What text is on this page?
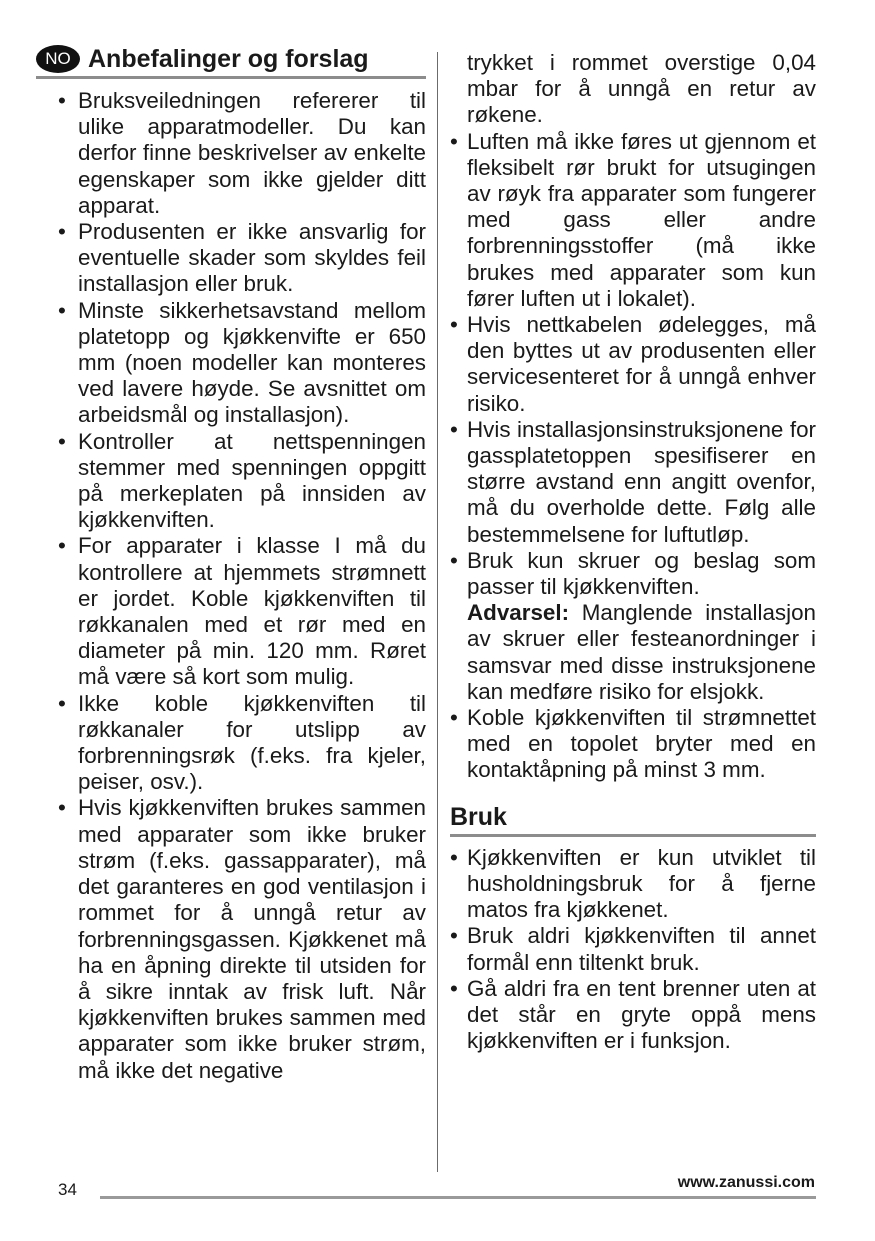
NO Anbefalinger og forslag
• Bruksveiledningen refererer til ulike apparatmodeller. Du kan derfor finne beskrivelser av enkelte egenskaper som ikke gjelder ditt apparat.
• Produsenten er ikke ansvarlig for eventuelle skader som skyldes feil installasjon eller bruk.
• Minste sikkerhetsavstand mellom platetopp og kjøkkenvifte er 650 mm (noen modeller kan monteres ved lavere høyde. Se avsnittet om arbeidsmål og installasjon).
• Kontroller at nettspenningen stemmer med spenningen oppgitt på merkeplaten på innsiden av kjøkkenviften.
• For apparater i klasse I må du kontrollere at hjemmets strømnett er jordet. Koble kjøkkenviften til røkkanalen med et rør med en diameter på min. 120 mm. Røret må være så kort som mulig.
• Ikke koble kjøkkenviften til røkkanaler for utslipp av forbrenningsrøk (f.eks. fra kjeler, peiser, osv.).
• Hvis kjøkkenviften brukes sammen med apparater som ikke bruker strøm (f.eks. gassapparater), må det garanteres en god ventilasjon i rommet for å unngå retur av forbrenningsgassen. Kjøkkenet må ha en åpning direkte til utsiden for å sikre inntak av frisk luft. Når kjøkkenviften brukes sammen med apparater som ikke bruker strøm, må ikke det negative
trykket i rommet overstige 0,04 mbar for å unngå en retur av røkene.
• Luften må ikke føres ut gjennom et fleksibelt rør brukt for utsugingen av røyk fra apparater som fungerer med gass eller andre forbrenningsstoffer (må ikke brukes med apparater som kun fører luften ut i lokalet).
• Hvis nettkabelen ødelegges, må den byttes ut av produsenten eller servicesenteret for å unngå enhver risiko.
• Hvis installasjonsinstruksjonene for gassplatetoppen spesifiserer en større avstand enn angitt ovenfor, må du overholde dette. Følg alle bestemmelsene for luftutløp.
• Bruk kun skruer og beslag som passer til kjøkkenviften.
Advarsel: Manglende installasjon av skruer eller festeanordninger i samsvar med disse instruksjonene kan medføre risiko for elsjokk.
• Koble kjøkkenviften til strømnettet med en topolet bryter med en kontaktåpning på minst 3 mm.
Bruk
• Kjøkkenviften er kun utviklet til husholdningsbruk for å fjerne matos fra kjøkkenet.
• Bruk aldri kjøkkenviften til annet formål enn tiltenkt bruk.
• Gå aldri fra en tent brenner uten at det står en gryte oppå mens kjøkkenviften er i funksjon.
34	www.zanussi.com
